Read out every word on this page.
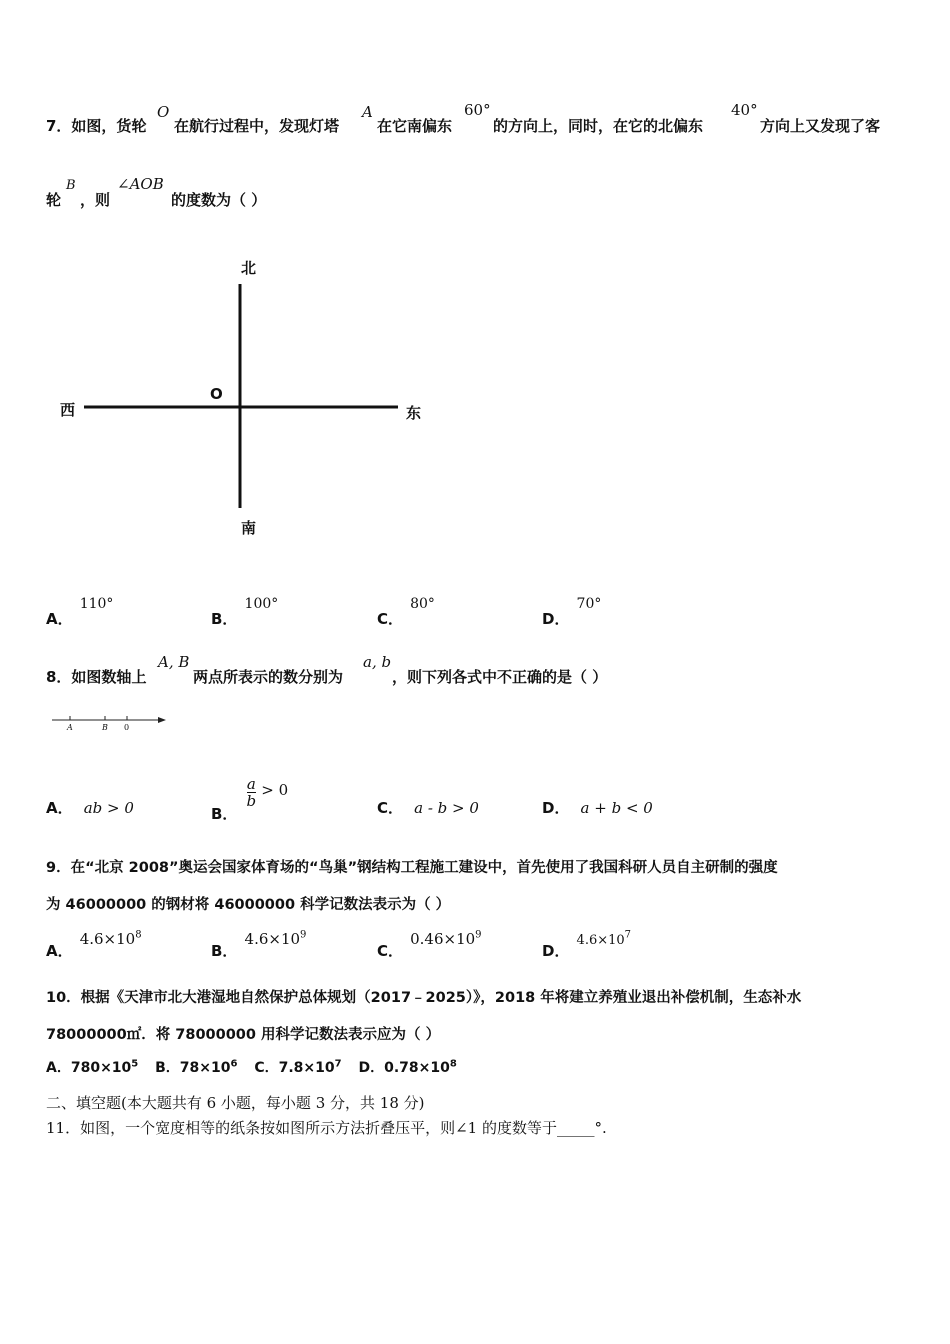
7．如图，货轮
O
在航行过程中，发现灯塔
A
在它南偏东
60°
的方向上，同时，在它的北偏东
40°
方向上又发现了客
轮
B
，则
∠AOB
的度数为（ ）
北
南
西	东
O
A． 110°
B． 100°
C． 80°
D． 70°
8．如图数轴上
A, B
两点所表示的数分别为
a, b
，则下列各式中不正确的是（ ）
A	B 0
A． ab > 0	B．
$\frac{a}{b} > 0$
C． a - b > 0	D． a + b < 0
9．在“北京 2008”奥运会国家体育场的“鸟巢”钢结构工程施工建设中，首先使用了我国科研人员自主研制的强度
为 46000000 的钢材将 46000000 科学记数法表示为（ ）
A． $4.6\times 10^8$
B． $4.6\times 10^9$
C． $0.46\times 10^9$
D． $4.6\times 10^7$
10．根据《天津市北大港湿地自然保护总体规划（2017﹣2025）》，2018 年将建立养殖业退出补偿机制，生态补水
78000000㎡．将 78000000 用科学记数法表示应为（ ）
A．$780\times 10^5$ B．$78\times 10^6$ C．$7.8\times 10^7$ D．$0.78\times 10^8$
二、填空题(本大题共有 6 小题，每小题 3 分，共 18 分)
11．如图，一个宽度相等的纸条按如图所示方法折叠压平，则∠1 的度数等于_____°.
